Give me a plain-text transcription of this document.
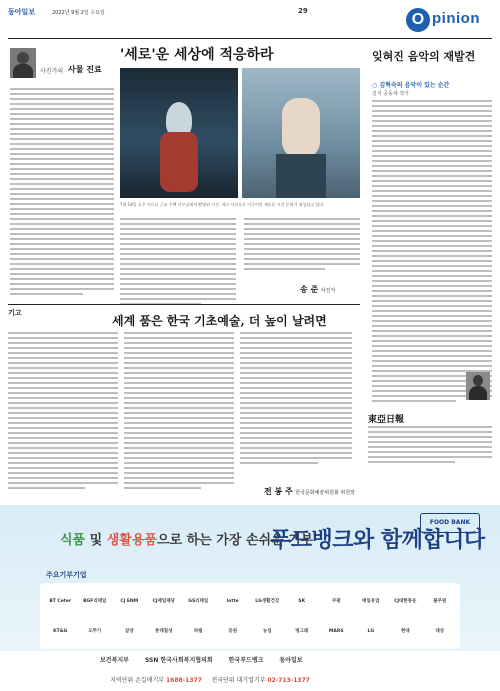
동아일보	2022년 9월 2일 수요일	29	O pinion
사진가의 사물 진료
'세로'운 세상에 적응하라
7월 18일 호주 시드니 근교 주택 사무실에서 촬영된 사진. 세로 사진으로 이루어진 새로운 시각 문화가 형성되고 있다.
송 준 사진가
잊혀진 음악의 재발견
○ 김혁숙의 음악이 있는 순간
김지 공동체 작가
기고
세계 품은 한국 기초예술, 더 높이 날려면
전 봉 주 한국문화예술위원회 위원장
東亞日報
FOOD BANK
식품 및 생활용품으로 하는 가장 손쉬운 기부
푸드뱅크와 함께합니다
주요기부기업
BT Ceter	BGF리테일	CJ ENM	CJ제일제당	GS리테일	lotte	LG생활건강	SK	쿠팡	매일유업	CJ대한통운	풀무원
KT&G	오뚜기	삼양	롯데칠성	하림	동원	농심	빙그레	MARS	LG	현대	대상
보건복지부	SSN 한국사회복지협의회	한국푸드뱅크	동아일보
지역단위 손길애기부 1688-1377 전국단위 대기업기부 02-713-1377
